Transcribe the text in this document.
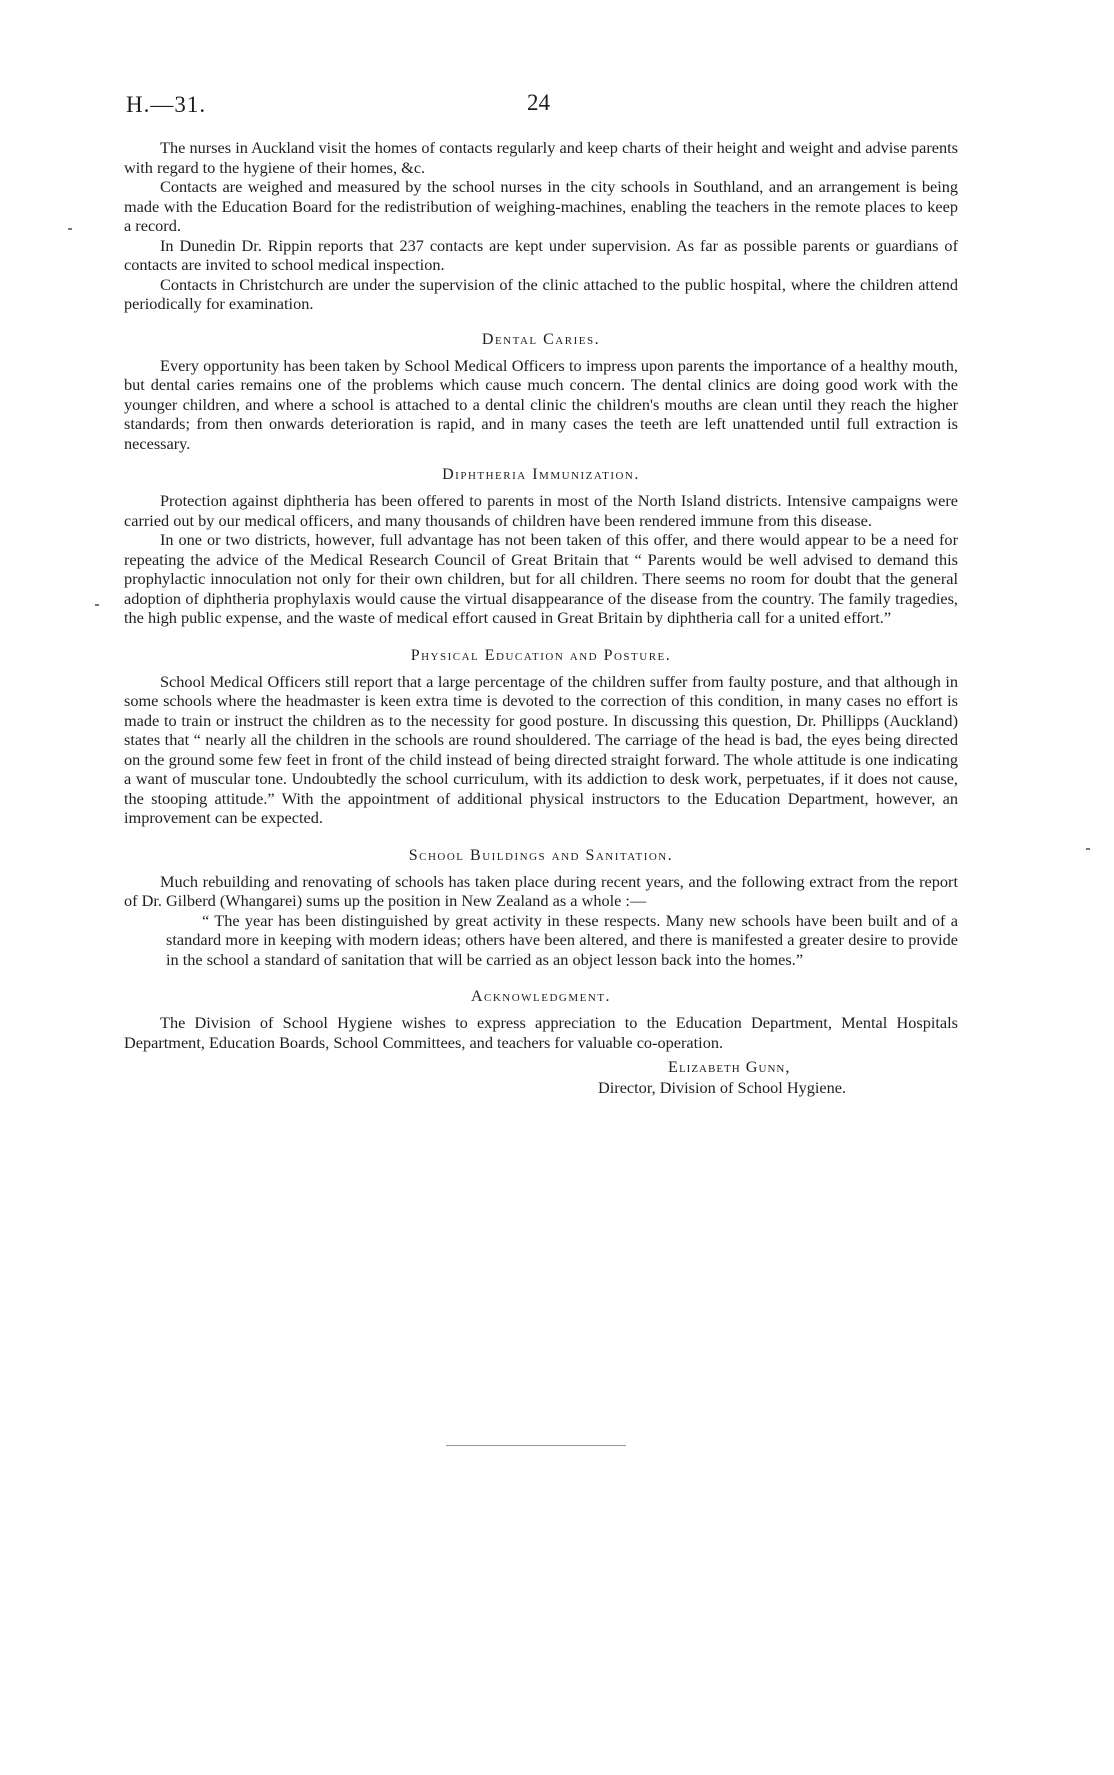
H.—31.	24

The nurses in Auckland visit the homes of contacts regularly and keep charts of their height and weight and advise parents with regard to the hygiene of their homes, &c.

Contacts are weighed and measured by the school nurses in the city schools in Southland, and an arrangement is being made with the Education Board for the redistribution of weighing-machines, enabling the teachers in the remote places to keep a record.

In Dunedin Dr. Rippin reports that 237 contacts are kept under supervision. As far as possible parents or guardians of contacts are invited to school medical inspection.

Contacts in Christchurch are under the supervision of the clinic attached to the public hospital, where the children attend periodically for examination.

Dental Caries.

Every opportunity has been taken by School Medical Officers to impress upon parents the importance of a healthy mouth, but dental caries remains one of the problems which cause much concern. The dental clinics are doing good work with the younger children, and where a school is attached to a dental clinic the children's mouths are clean until they reach the higher standards; from then onwards deterioration is rapid, and in many cases the teeth are left unattended until full extraction is necessary.

Diphtheria Immunization.

Protection against diphtheria has been offered to parents in most of the North Island districts. Intensive campaigns were carried out by our medical officers, and many thousands of children have been rendered immune from this disease.

In one or two districts, however, full advantage has not been taken of this offer, and there would appear to be a need for repeating the advice of the Medical Research Council of Great Britain that “ Parents would be well advised to demand this prophylactic innoculation not only for their own children, but for all children. There seems no room for doubt that the general adoption of diphtheria prophylaxis would cause the virtual disappearance of the disease from the country. The family tragedies, the high public expense, and the waste of medical effort caused in Great Britain by diphtheria call for a united effort.”

Physical Education and Posture.

School Medical Officers still report that a large percentage of the children suffer from faulty posture, and that although in some schools where the headmaster is keen extra time is devoted to the correction of this condition, in many cases no effort is made to train or instruct the children as to the necessity for good posture. In discussing this question, Dr. Phillipps (Auckland) states that “ nearly all the children in the schools are round shouldered. The carriage of the head is bad, the eyes being directed on the ground some few feet in front of the child instead of being directed straight forward. The whole attitude is one indicating a want of muscular tone. Undoubtedly the school curriculum, with its addiction to desk work, perpetuates, if it does not cause, the stooping attitude.” With the appointment of additional physical instructors to the Education Department, however, an improvement can be expected.

School Buildings and Sanitation.

Much rebuilding and renovating of schools has taken place during recent years, and the following extract from the report of Dr. Gilberd (Whangarei) sums up the position in New Zealand as a whole :—

“ The year has been distinguished by great activity in these respects. Many new schools have been built and of a standard more in keeping with modern ideas; others have been altered, and there is manifested a greater desire to provide in the school a standard of sanitation that will be carried as an object lesson back into the homes.”

Acknowledgment.

The Division of School Hygiene wishes to express appreciation to the Education Department, Mental Hospitals Department, Education Boards, School Committees, and teachers for valuable co-operation.

Elizabeth Gunn,
Director, Division of School Hygiene.
